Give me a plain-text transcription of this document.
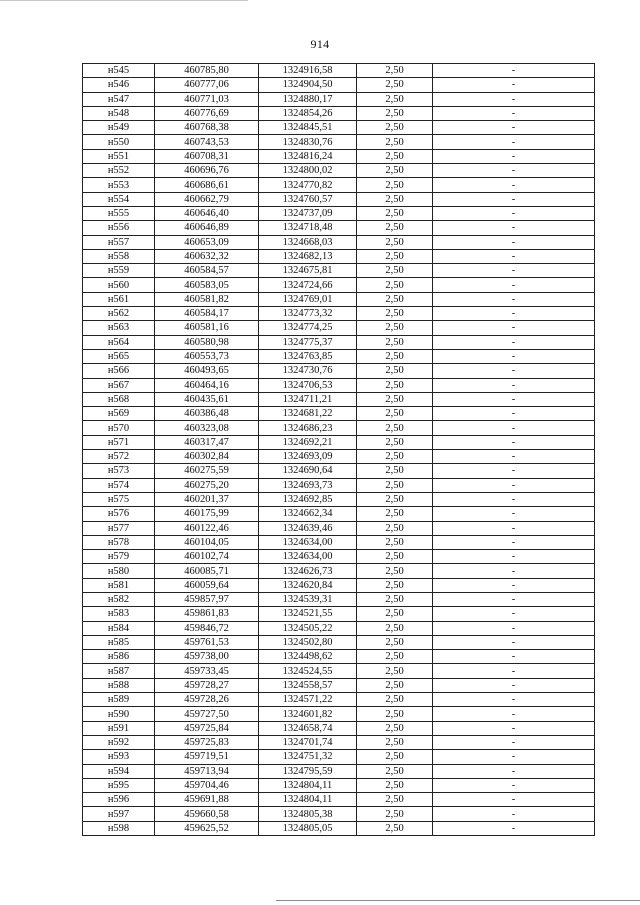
914
н545	460785,80	1324916,58	2,50	-
н546	460777,06	1324904,50	2,50	-
н547	460771,03	1324880,17	2,50	-
н548	460776,69	1324854,26	2,50	-
н549	460768,38	1324845,51	2,50	-
н550	460743,53	1324830,76	2,50	-
н551	460708,31	1324816,24	2,50	-
н552	460696,76	1324800,02	2,50	-
н553	460686,61	1324770,82	2,50	-
н554	460662,79	1324760,57	2,50	-
н555	460646,40	1324737,09	2,50	-
н556	460646,89	1324718,48	2,50	-
н557	460653,09	1324668,03	2,50	-
н558	460632,32	1324682,13	2,50	-
н559	460584,57	1324675,81	2,50	-
н560	460583,05	1324724,66	2,50	-
н561	460581,82	1324769,01	2,50	-
н562	460584,17	1324773,32	2,50	-
н563	460581,16	1324774,25	2,50	-
н564	460580,98	1324775,37	2,50	-
н565	460553,73	1324763,85	2,50	-
н566	460493,65	1324730,76	2,50	-
н567	460464,16	1324706,53	2,50	-
н568	460435,61	1324711,21	2,50	-
н569	460386,48	1324681,22	2,50	-
н570	460323,08	1324686,23	2,50	-
н571	460317,47	1324692,21	2,50	-
н572	460302,84	1324693,09	2,50	-
н573	460275,59	1324690,64	2,50	-
н574	460275,20	1324693,73	2,50	-
н575	460201,37	1324692,85	2,50	-
н576	460175,99	1324662,34	2,50	-
н577	460122,46	1324639,46	2,50	-
н578	460104,05	1324634,00	2,50	-
н579	460102,74	1324634,00	2,50	-
н580	460085,71	1324626,73	2,50	-
н581	460059,64	1324620,84	2,50	-
н582	459857,97	1324539,31	2,50	-
н583	459861,83	1324521,55	2,50	-
н584	459846,72	1324505,22	2,50	-
н585	459761,53	1324502,80	2,50	-
н586	459738,00	1324498,62	2,50	-
н587	459733,45	1324524,55	2,50	-
н588	459728,27	1324558,57	2,50	-
н589	459728,26	1324571,22	2,50	-
н590	459727,50	1324601,82	2,50	-
н591	459725,84	1324658,74	2,50	-
н592	459725,83	1324701,74	2,50	-
н593	459719,51	1324751,32	2,50	-
н594	459713,94	1324795,59	2,50	-
н595	459704,46	1324804,11	2,50	-
н596	459691,88	1324804,11	2,50	-
н597	459660,58	1324805,38	2,50	-
н598	459625,52	1324805,05	2,50	-
